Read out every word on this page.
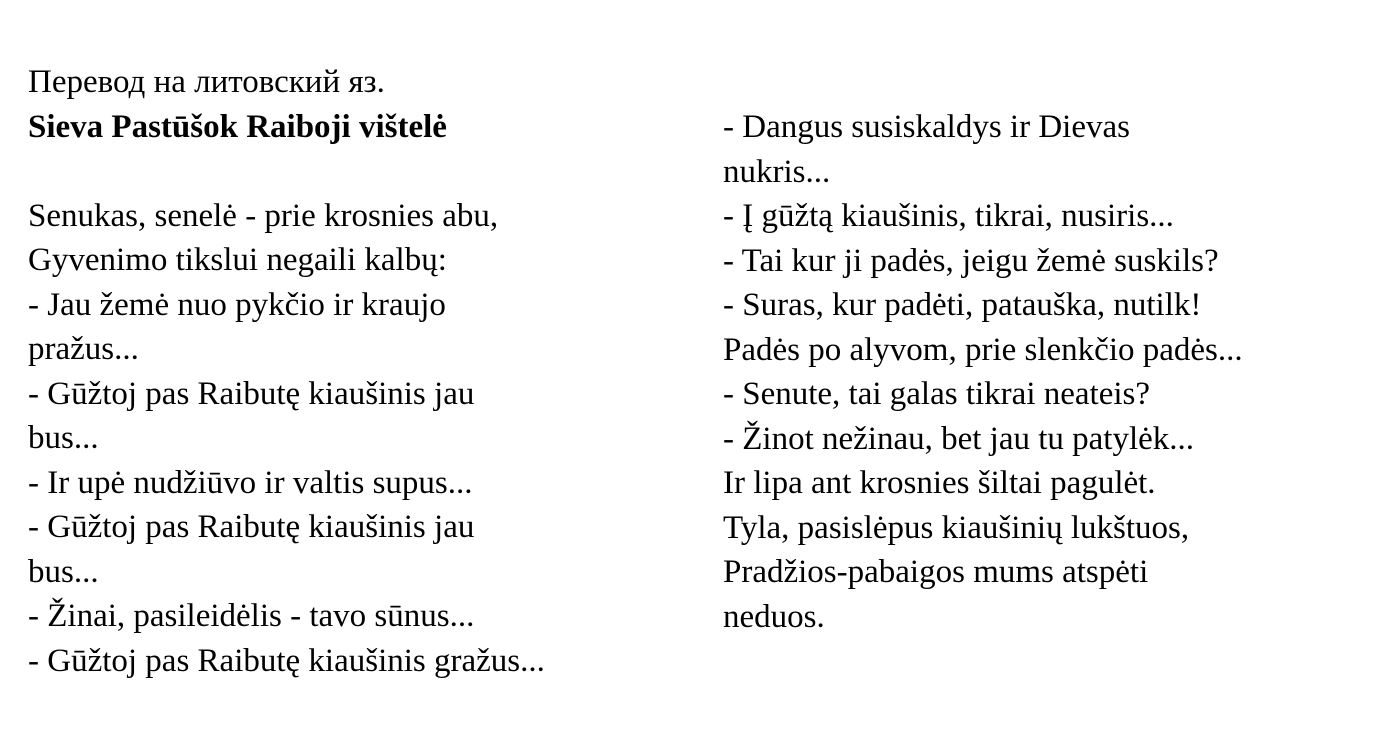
Перевод на литовский яз.
Sieva Pastūšok Raiboji vištelė
Senukas, senelė - prie krosnies abu,
Gyvenimo tikslui negaili kalbų:
- Jau žemė nuo pykčio ir kraujo
pražus...
- Gūžtoj pas Raibutę kiaušinis jau
bus...
- Ir upė nudžiūvo ir valtis supus...
- Gūžtoj pas Raibutę kiaušinis jau
bus...
- Žinai, pasileidėlis - tavo sūnus...
- Gūžtoj pas Raibutę kiaušinis gražus...
- Dangus susiskaldys ir Dievas
nukris...
- Į gūžtą kiaušinis, tikrai, nusiris...
- Tai kur ji padės, jeigu žemė suskils?
- Suras, kur padėti, patauška, nutilk!
Padės po alyvom, prie slenkčio padės...
- Senute, tai galas tikrai neateis?
- Žinot nežinau, bet jau tu patylėk...
Ir lipa ant krosnies šiltai pagulėt.
Tyla, pasislėpus kiaušinių lukštuos,
Pradžios-pabaigos mums atspėti
neduos.
